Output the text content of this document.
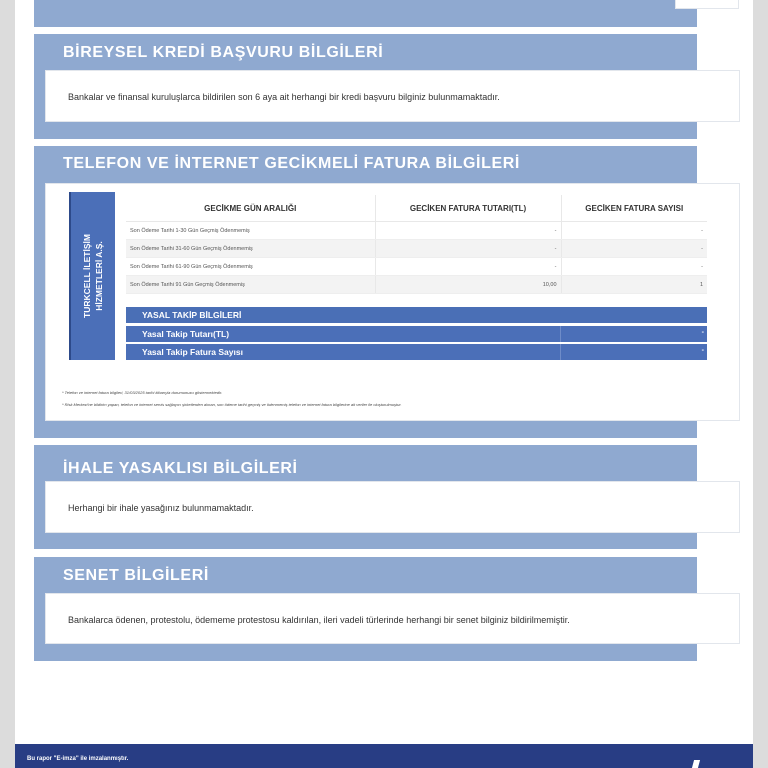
BİREYSEL KREDİ BAŞVURU BİLGİLERİ
Bankalar ve finansal kuruluşlarca bildirilen son 6 aya ait herhangi bir kredi başvuru bilginiz bulunmamaktadır.
TELEFON VE İNTERNET GECİKMELİ FATURA BİLGİLERİ
TURKCELL İLETİŞİM HİZMETLERİ A.Ş.
GECİKME GÜN ARALIĞI	GECİKEN FATURA TUTARI(TL)	GECİKEN FATURA SAYISI
Son Ödeme Tarihi 1-30 Gün Geçmiş Ödenmemiş	-	-
Son Ödeme Tarihi 31-60 Gün Geçmiş Ödenmemiş	-	-
Son Ödeme Tarihi 61-90 Gün Geçmiş Ödenmemiş	-	-
Son Ödeme Tarihi 91 Gün Geçmiş Ödenmemiş	10,00	1
YASAL TAKİP BİLGİLERİ
Yasal Takip Tutarı(TL)	-
Yasal Takip Fatura Sayısı	-
* Telefon ve internet fatura bilgileri, 31/03/2025 tarihi itibarıyla durumunuzu göstermektedir.
* Risk Merkezi'ne bildirim yapan, telefon ve internet servis sağlayıcı şirketlerden alınan, son ödeme tarihi geçmiş ve ödenmemiş telefon ve internet fatura bilgilerine ait veriler ile oluşturulmuştur.
İHALE YASAKLISI BİLGİLERİ
Herhangi bir ihale yasağınız bulunmamaktadır.
SENET BİLGİLERİ
Bankalarca ödenen, protestolu, ödememe protestosu kaldırılan, ileri vadeli türlerinde herhangi bir senet bilginiz bildirilmemiştir.
Bu rapor "E-imza" ile imzalanmıştır.
